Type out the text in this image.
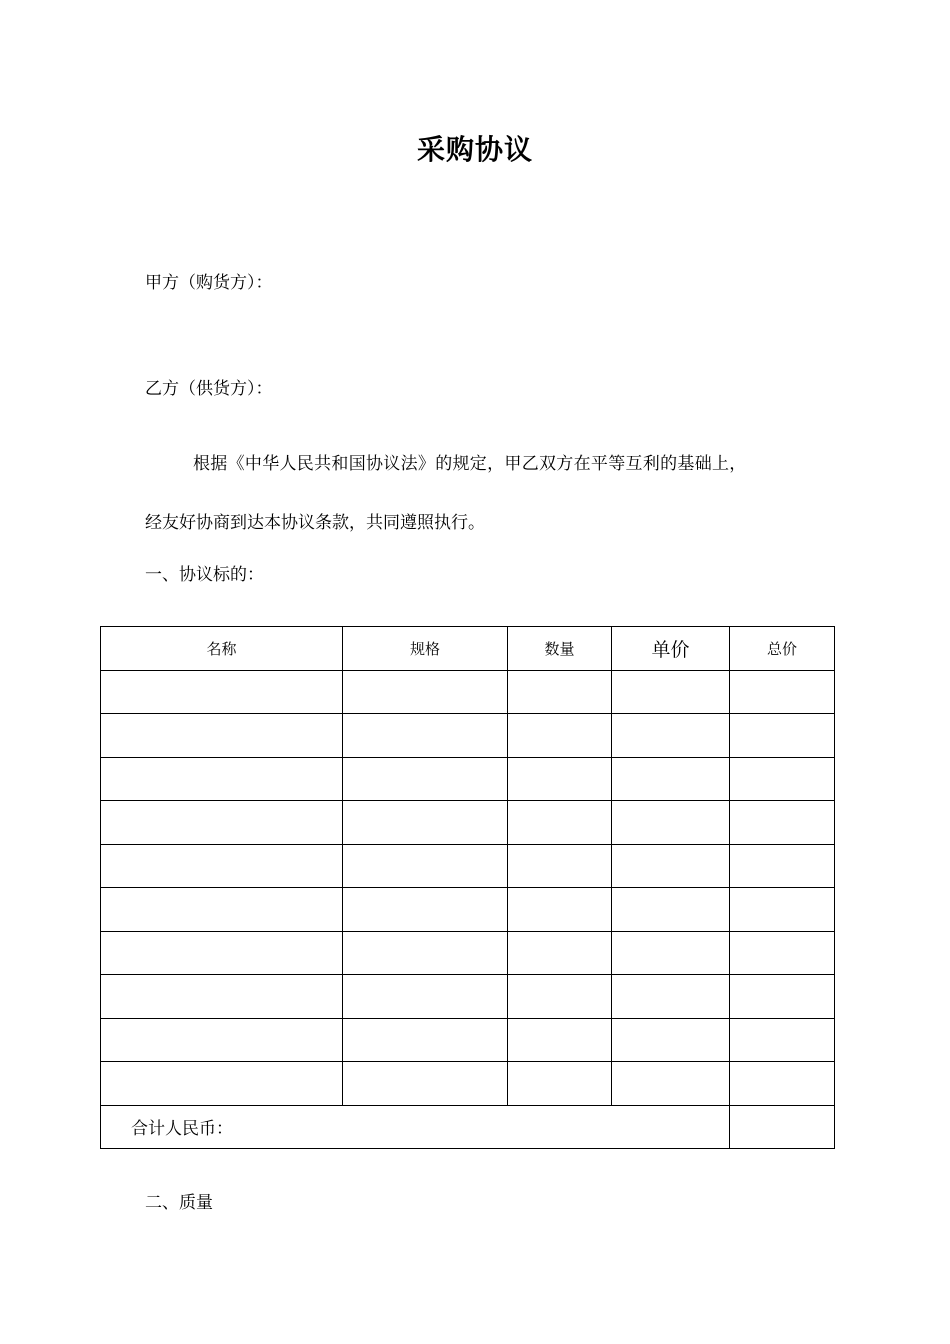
采购协议
甲方（购货方）：
乙方（供货方）：
根据《中华人民共和国协议法》的规定，甲乙双方在平等互利的基础上，
经友好协商到达本协议条款，共同遵照执行。
一、协议标的：
名称	规格	数量	单价	总价

合计人民币：				
二、质量
